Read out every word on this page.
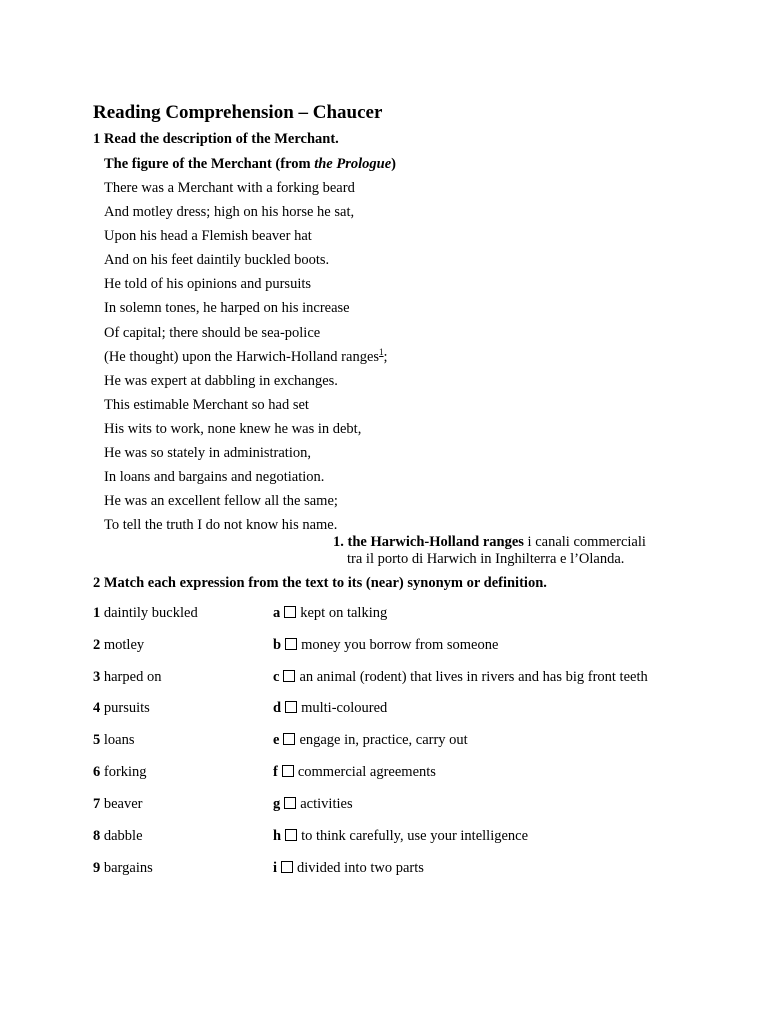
Reading Comprehension – Chaucer

1 Read the description of the Merchant.

The figure of the Merchant (from the Prologue)
There was a Merchant with a forking beard
And motley dress; high on his horse he sat,
Upon his head a Flemish beaver hat
And on his feet daintily buckled boots.
He told of his opinions and pursuits
In solemn tones, he harped on his increase
Of capital; there should be sea-police
(He thought) upon the Harwich-Holland ranges$^1$;
He was expert at dabbling in exchanges.
This estimable Merchant so had set
His wits to work, none knew he was in debt,
He was so stately in administration,
In loans and bargains and negotiation.
He was an excellent fellow all the same;
To tell the truth I do not know his name.
1. the Harwich-Holland ranges i canali commerciali
tra il porto di Harwich in Inghilterra e l’Olanda.

2 Match each expression from the text to its (near) synonym or definition.

1 daintily buckled	a kept on talking
2 motley	b money you borrow from someone
3 harped on	c an animal (rodent) that lives in rivers and has big front teeth
4 pursuits	d multi-coloured
5 loans	e engage in, practice, carry out
6 forking	f commercial agreements
7 beaver	g activities
8 dabble	h to think carefully, use your intelligence
9 bargains	i divided into two parts
